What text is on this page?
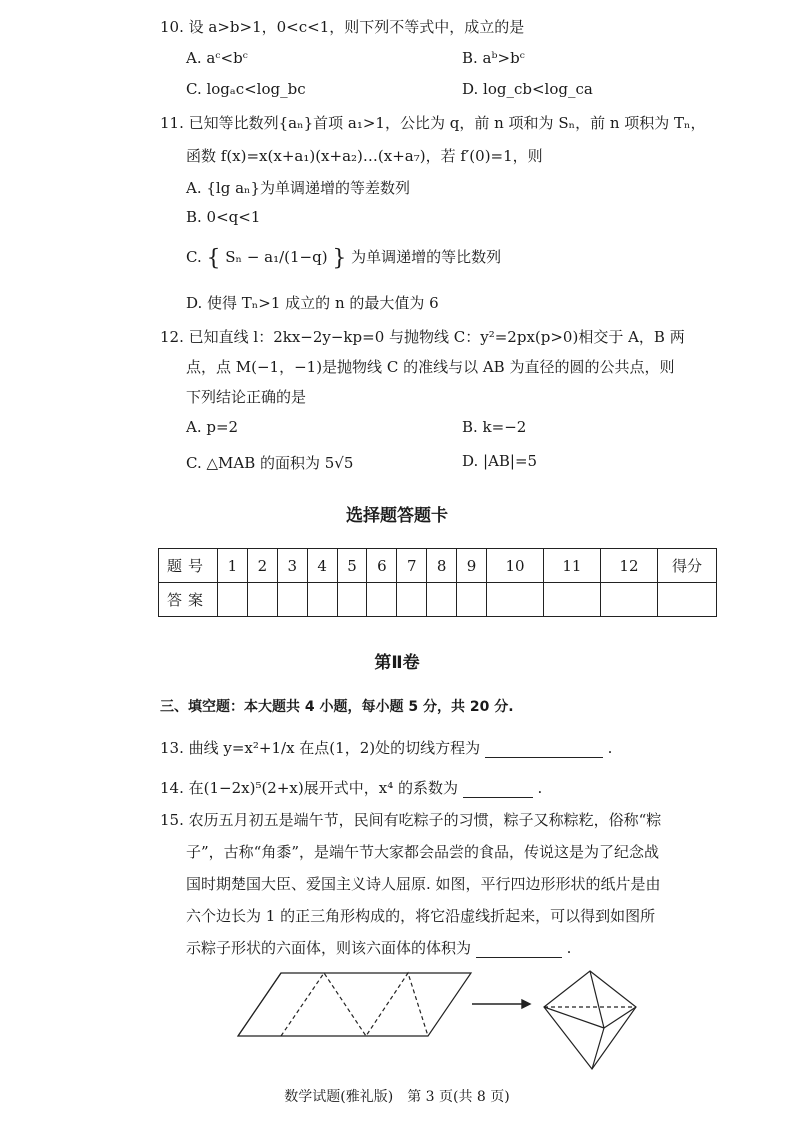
10. 设 a>b>1，0<c<1，则下列不等式中，成立的是
A. aᶜ<bᶜ	B. aᵇ>bᶜ
C. logₐc<log_bc	D. log_cb<log_ca
11. 已知等比数列{aₙ}首项 a₁>1，公比为 q，前 n 项和为 Sₙ，前 n 项积为 Tₙ，
函数 f(x)=x(x+a₁)(x+a₂)…(x+a₇)，若 f′(0)=1，则
A. {lg aₙ}为单调递增的等差数列
B. 0<q<1
C. { Sₙ − a₁/(1−q) } 为单调递增的等比数列
D. 使得 Tₙ>1 成立的 n 的最大值为 6
12. 已知直线 l：2kx−2y−kp=0 与抛物线 C：y²=2px(p>0)相交于 A，B 两
点，点 M(−1，−1)是抛物线 C 的准线与以 AB 为直径的圆的公共点，则
下列结论正确的是
A. p=2	B. k=−2
C. △MAB 的面积为 5√5	D. |AB|=5
选择题答题卡
题号	1	2	3	4	5	6	7	8	9	10	11	12	得分
答案													
第Ⅱ卷
三、填空题：本大题共 4 小题，每小题 5 分，共 20 分.
13. 曲线 y=x²+1/x 在点(1，2)处的切线方程为	.
14. 在(1−2x)⁵(2+x)展开式中，x⁴ 的系数为	.
15. 农历五月初五是端午节，民间有吃粽子的习惯，粽子又称粽籺，俗称“粽
子”，古称“角黍”，是端午节大家都会品尝的食品，传说这是为了纪念战
国时期楚国大臣、爱国主义诗人屈原. 如图，平行四边形形状的纸片是由
六个边长为 1 的正三角形构成的，将它沿虚线折起来，可以得到如图所
示粽子形状的六面体，则该六面体的体积为	.
数学试题(雅礼版)　第 3 页(共 8 页)
